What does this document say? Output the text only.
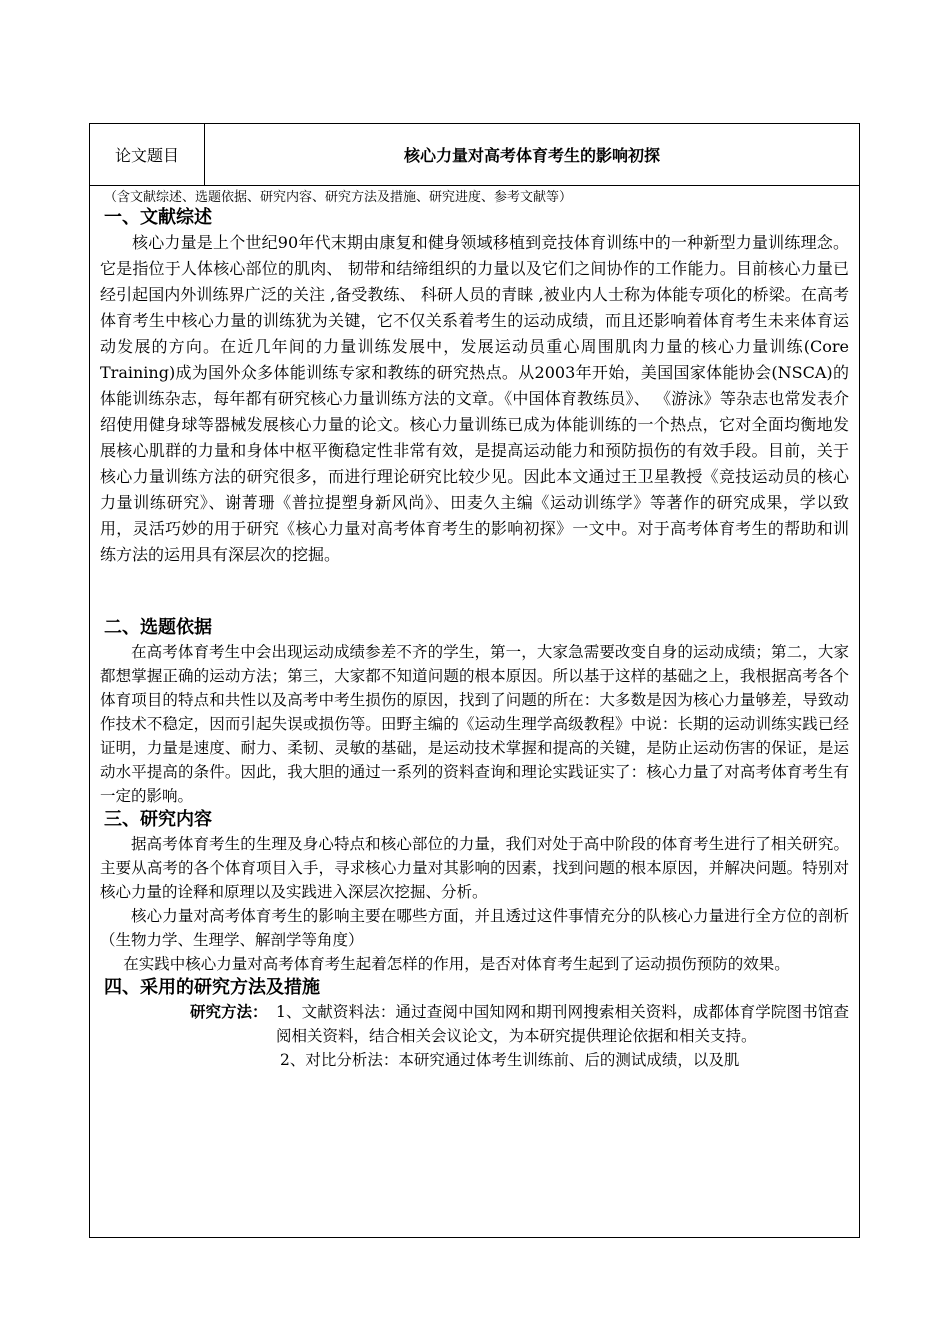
论文题目	核心力量对高考体育考生的影响初探
（含文献综述、选题依据、研究内容、研究方法及措施、研究进度、参考文献等）
一、文献综述

核心力量是上个世纪90年代末期由康复和健身领域移植到竞技体育训练中的一种新型力量训练理念。它是指位于人体核心部位的肌肉、 韧带和结缔组织的力量以及它们之间协作的工作能力。目前核心力量已经引起国内外训练界广泛的关注 ,备受教练、 科研人员的青睐 ,被业内人士称为体能专项化的桥梁。在高考体育考生中核心力量的训练犹为关键，它不仅关系着考生的运动成绩，而且还影响着体育考生未来体育运动发展的方向。在近几年间的力量训练发展中，发展运动员重心周围肌肉力量的核心力量训练(Core Training)成为国外众多体能训练专家和教练的研究热点。从2003年开始，美国国家体能协会(NSCA)的体能训练杂志，每年都有研究核心力量训练方法的文章。《中国体育教练员》、 《游泳》等杂志也常发表介绍使用健身球等器械发展核心力量的论文。核心力量训练已成为体能训练的一个热点，它对全面均衡地发展核心肌群的力量和身体中枢平衡稳定性非常有效，是提高运动能力和预防损伤的有效手段。目前，关于核心力量训练方法的研究很多，而进行理论研究比较少见。因此本文通过王卫星教授《竞技运动员的核心力量训练研究》、谢菁珊《普拉提塑身新风尚》、田麦久主编《运动训练学》等著作的研究成果，学以致用，灵活巧妙的用于研究《核心力量对高考体育考生的影响初探》一文中。对于高考体育考生的帮助和训练方法的运用具有深层次的挖掘。

二、选题依据

在高考体育考生中会出现运动成绩参差不齐的学生，第一，大家急需要改变自身的运动成绩；第二，大家都想掌握正确的运动方法；第三，大家都不知道问题的根本原因。所以基于这样的基础之上，我根据高考各个体育项目的特点和共性以及高考中考生损伤的原因，找到了问题的所在：大多数是因为核心力量够差，导致动作技术不稳定，因而引起失误或损伤等。田野主编的《运动生理学高级教程》中说：长期的运动训练实践已经证明，力量是速度、耐力、柔韧、灵敏的基础，是运动技术掌握和提高的关键，是防止运动伤害的保证，是运动水平提高的条件。因此，我大胆的通过一系列的资料查询和理论实践证实了：核心力量了对高考体育考生有一定的影响。

三、研究内容

据高考体育考生的生理及身心特点和核心部位的力量，我们对处于高中阶段的体育考生进行了相关研究。主要从高考的各个体育项目入手，寻求核心力量对其影响的因素，找到问题的根本原因，并解决问题。特别对核心力量的诠释和原理以及实践进入深层次挖掘、分析。

核心力量对高考体育考生的影响主要在哪些方面，并且透过这件事情充分的队核心力量进行全方位的剖析（生物力学、生理学、解剖学等角度）

在实践中核心力量对高考体育考生起着怎样的作用，是否对体育考生起到了运动损伤预防的效果。

四、采用的研究方法及措施
研究方法： 1、文献资料法：通过查阅中国知网和期刊网搜索相关资料，成都体育学院图书馆查阅相关资料，结合相关会议论文，为本研究提供理论依据和相关支持。
2、对比分析法：本研究通过体考生训练前、后的测试成绩，以及肌
